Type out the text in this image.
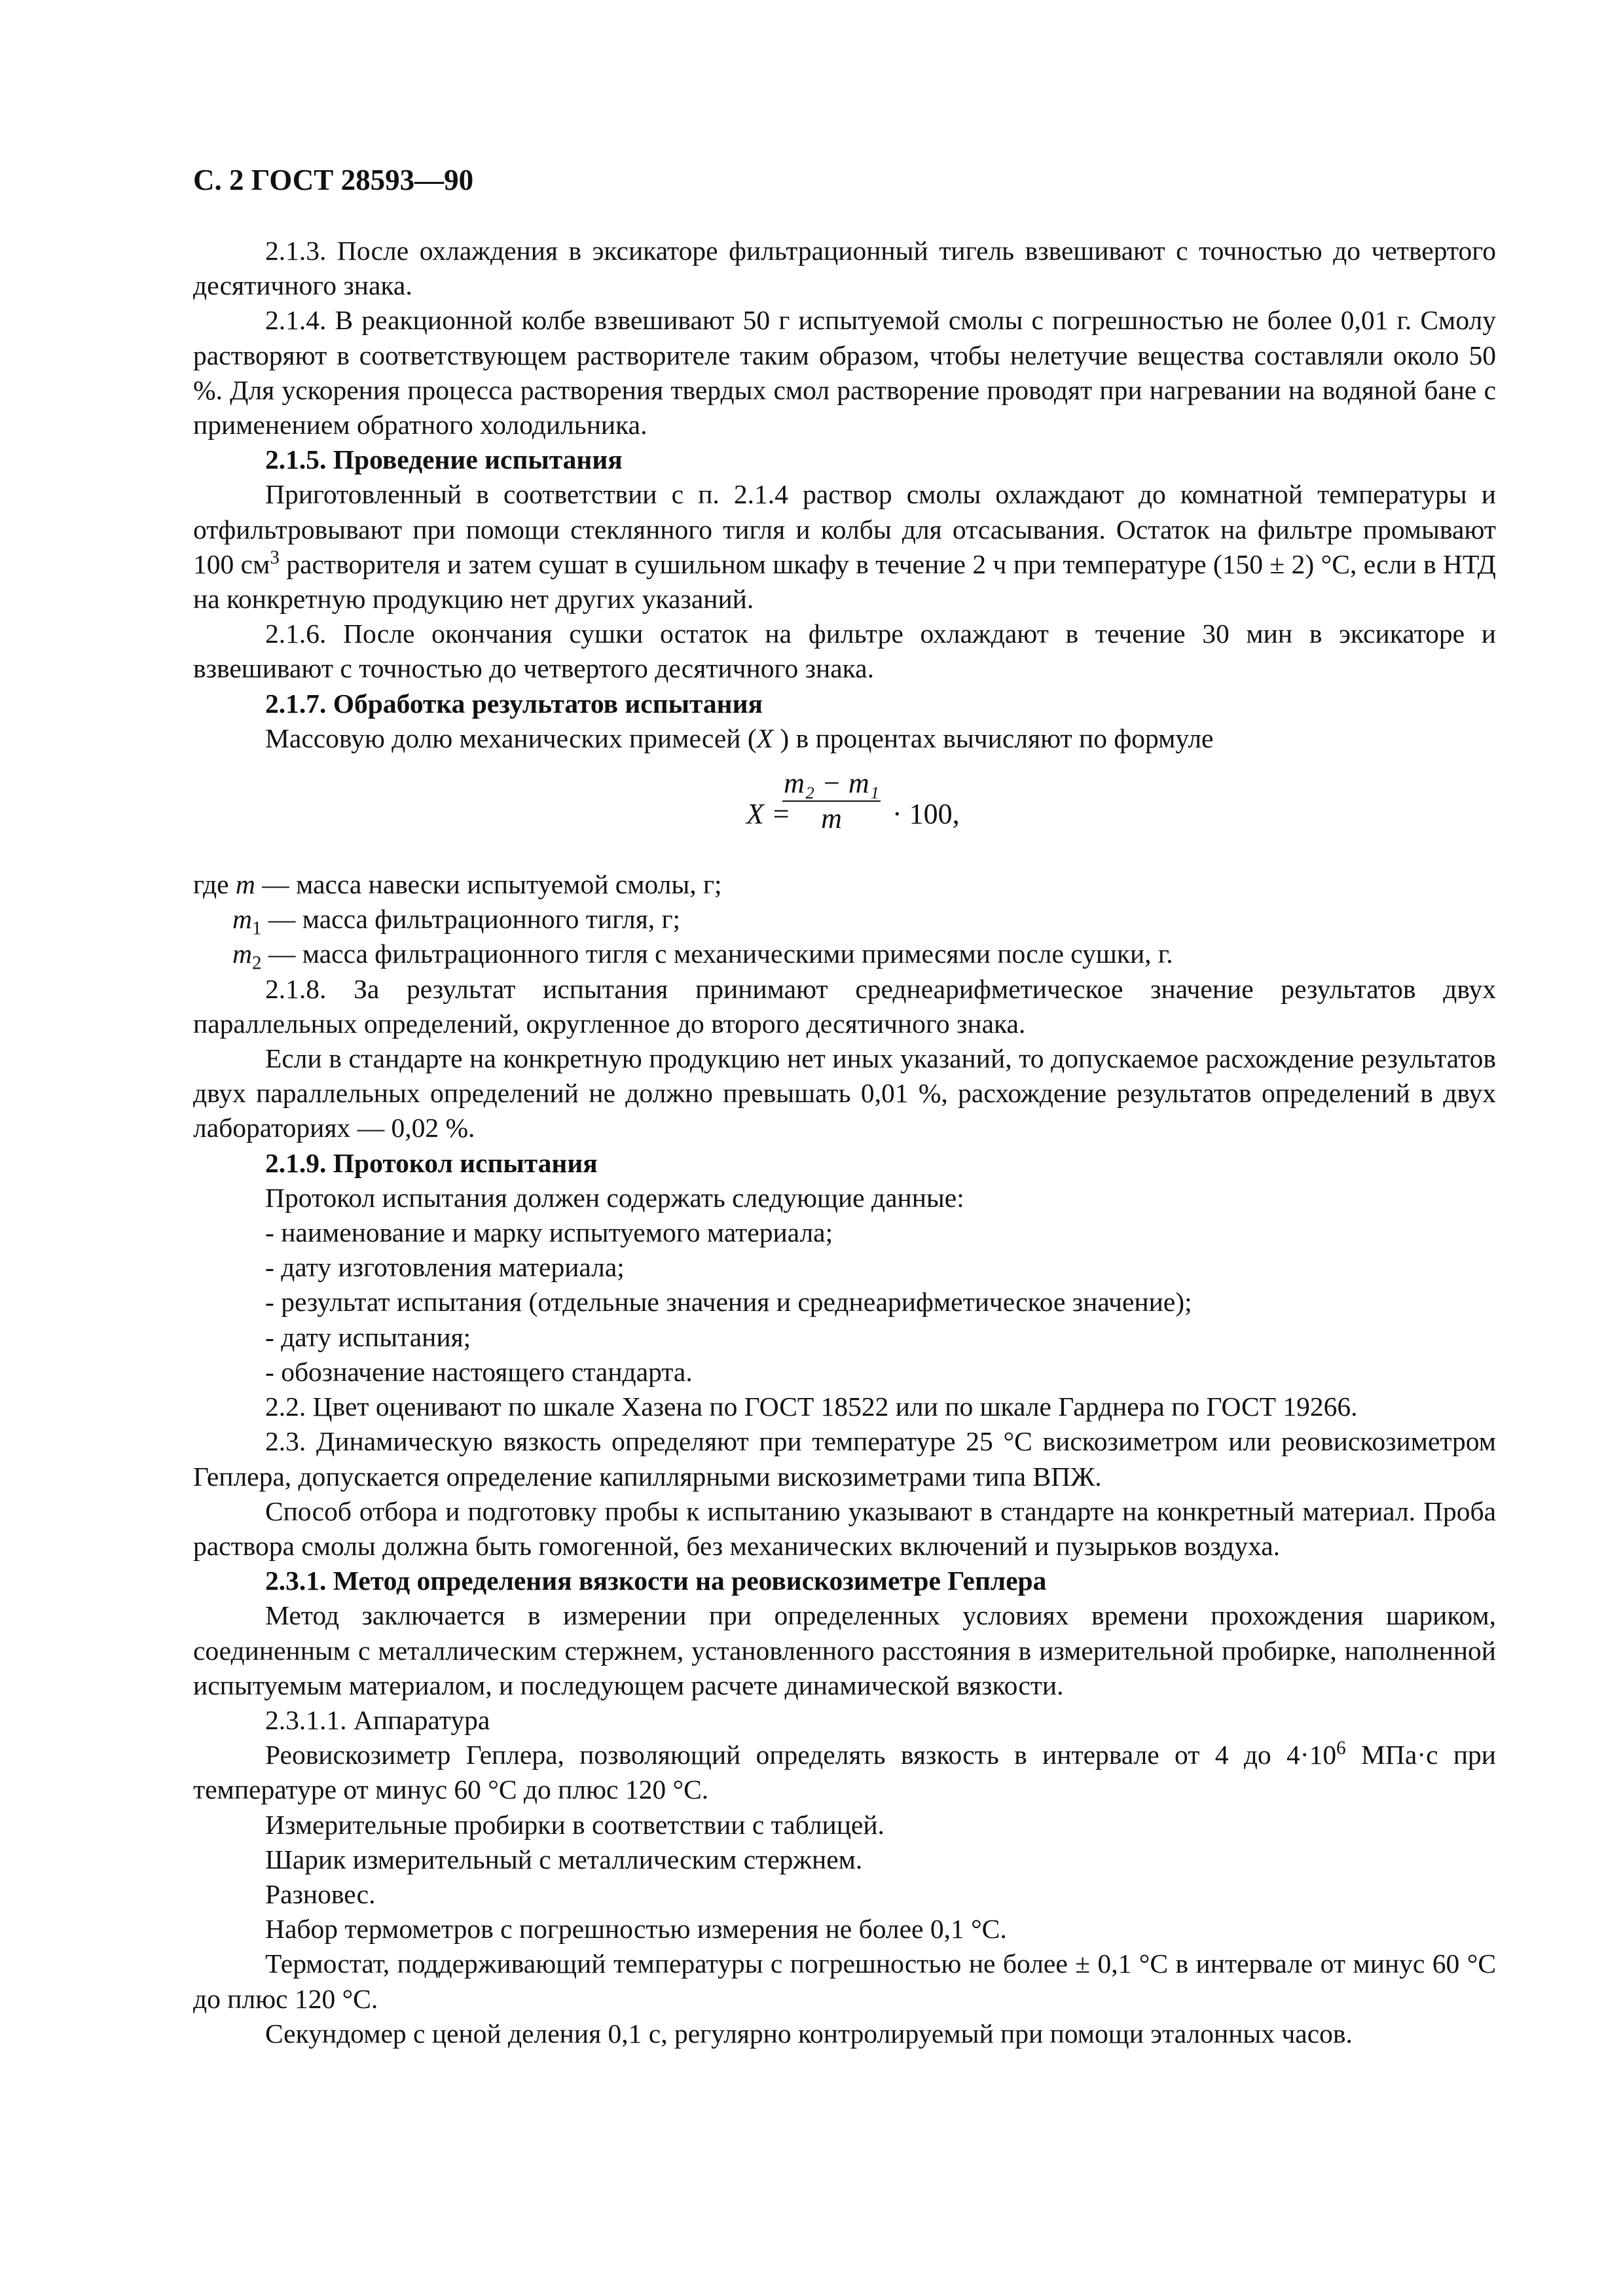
С. 2 ГОСТ 28593—90

2.1.3. После охлаждения в эксикаторе фильтрационный тигель взвешивают с точностью до четвертого десятичного знака.

2.1.4. В реакционной колбе взвешивают 50 г испытуемой смолы с погрешностью не более 0,01 г. Смолу растворяют в соответствующем растворителе таким образом, чтобы нелетучие вещества составляли около 50 %. Для ускорения процесса растворения твердых смол растворение проводят при нагревании на водяной бане с применением обратного холодильника.

2.1.5. Проведение испытания

Приготовленный в соответствии с п. 2.1.4 раствор смолы охлаждают до комнатной температуры и отфильтровывают при помощи стеклянного тигля и колбы для отсасывания. Остаток на фильтре промывают 100 $см^3$ растворителя и затем сушат в сушильном шкафу в течение 2 ч при температуре (150 ± 2) °С, если в НТД на конкретную продукцию нет других указаний.

2.1.6. После окончания сушки остаток на фильтре охлаждают в течение 30 мин в эксикаторе и взвешивают с точностью до четвертого десятичного знака.

2.1.7. Обработка результатов испытания

Массовую долю механических примесей (X ) в процентах вычисляют по формуле

X =
$\frac{\text{m₂ − m₁}}{m} \cdot 100$,

где m — масса навески испытуемой смолы, г;

$m_1$ — масса фильтрационного тигля, г;

$m_2$ — масса фильтрационного тигля с механическими примесями после сушки, г.

2.1.8. За результат испытания принимают среднеарифметическое значение результатов двух параллельных определений, округленное до второго десятичного знака.

Если в стандарте на конкретную продукцию нет иных указаний, то допускаемое расхождение результатов двух параллельных определений не должно превышать 0,01 %, расхождение результатов определений в двух лабораториях — 0,02 %.

2.1.9. Протокол испытания

Протокол испытания должен содержать следующие данные:

- наименование и марку испытуемого материала;

- дату изготовления материала;

- результат испытания (отдельные значения и среднеарифметическое значение);

- дату испытания;

- обозначение настоящего стандарта.

2.2. Цвет оценивают по шкале Хазена по ГОСТ 18522 или по шкале Гарднера по ГОСТ 19266.

2.3. Динамическую вязкость определяют при температуре 25 °С вискозиметром или реовискозиметром Геплера, допускается определение капиллярными вискозиметрами типа ВПЖ.

Способ отбора и подготовку пробы к испытанию указывают в стандарте на конкретный материал. Проба раствора смолы должна быть гомогенной, без механических включений и пузырьков воздуха.

2.3.1. Метод определения вязкости на реовискозиметре Геплера

Метод заключается в измерении при определенных условиях времени прохождения шариком, соединенным с металлическим стержнем, установленного расстояния в измерительной пробирке, наполненной испытуемым материалом, и последующем расчете динамической вязкости.

2.3.1.1. Аппаратура

Реовискозиметр Геплера, позволяющий определять вязкость в интервале от 4 до $4\cdot 10^6$ МПа·с при температуре от минус 60 °С до плюс 120 °С.

Измерительные пробирки в соответствии с таблицей.

Шарик измерительный с металлическим стержнем.

Разновес.

Набор термометров с погрешностью измерения не более 0,1 °С.

Термостат, поддерживающий температуры с погрешностью не более ± 0,1 °С в интервале от минус 60 °С до плюс 120 °С.

Секундомер с ценой деления 0,1 с, регулярно контролируемый при помощи эталонных часов.
